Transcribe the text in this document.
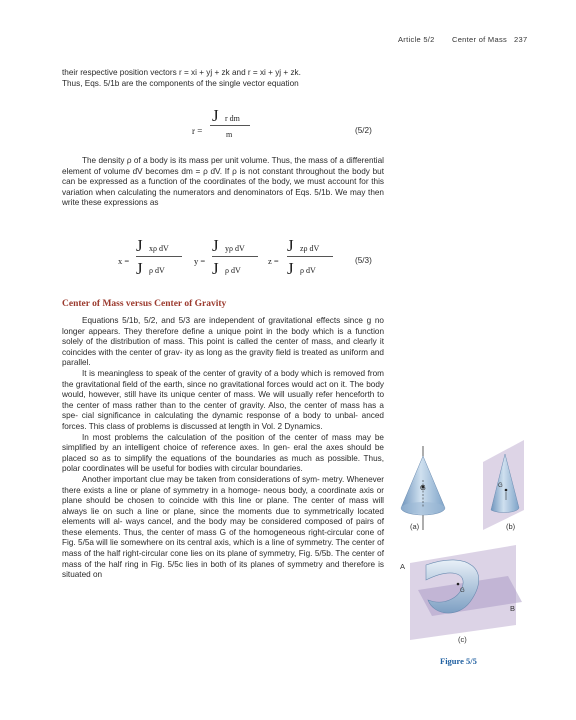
Article 5/2 Center of Mass 237
their respective position vectors r = xi + yj + zk and r = xi + yj + zk.
Thus, Eqs. 5/1b are the components of the single vector equation
r =
J r dm
m	(5/2)
The density ρ of a body is its mass per unit volume. Thus, the mass of a differential element of volume dV becomes dm = ρ dV. If ρ is not constant throughout the body but can be expressed as a function of the coordinates of the body, we must account for this variation when calculating the numerators and denominators of Eqs. 5/1b. We may then write these expressions as
x =
J xρ dV
J ρ dV
y =
J yρ dV
J ρ dV
z =
J zρ dV
J ρ dV
(5/3)
Center of Mass versus Center of Gravity

Equations 5/1b, 5/2, and 5/3 are independent of gravitational effects since g no longer appears. They therefore define a unique point in the body which is a function solely of the distribution of mass. This point is called the center of mass, and clearly it coincides with the center of grav- ity as long as the gravity field is treated as uniform and parallel.

It is meaningless to speak of the center of gravity of a body which is removed from the gravitational field of the earth, since no gravitational forces would act on it. The body would, however, still have its unique center of mass. We will usually refer henceforth to the center of mass rather than to the center of gravity. Also, the center of mass has a spe- cial significance in calculating the dynamic response of a body to unbal- anced forces. This class of problems is discussed at length in Vol. 2 Dynamics.

In most problems the calculation of the position of the center of mass may be simplified by an intelligent choice of reference axes. In gen- eral the axes should be placed so as to simplify the equations of the boundaries as much as possible. Thus, polar coordinates will be useful for bodies with circular boundaries.

Another important clue may be taken from considerations of sym- metry. Whenever there exists a line or plane of symmetry in a homoge- neous body, a coordinate axis or plane should be chosen to coincide with this line or plane. The center of mass will always lie on such a line or plane, since the moments due to symmetrically located elements will al- ways cancel, and the body may be considered composed of pairs of these elements. Thus, the center of mass G of the homogeneous right-circular cone of Fig. 5/5a will lie somewhere on its central axis, which is a line of symmetry. The center of mass of the half right-circular cone lies on its plane of symmetry, Fig. 5/5b. The center of mass of the half ring in Fig. 5/5c lies in both of its planes of symmetry and therefore is situated on

G	G
(a)	(b)
A
G
B
(c)
Figure 5/5
